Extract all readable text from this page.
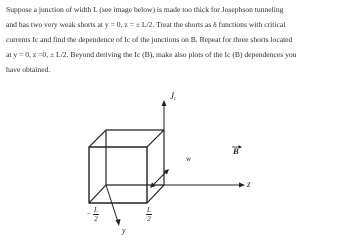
Suppose a junction of width L (see image below) is made too thick for Josephson tunneling
and has two very weak shorts at y = 0, z = ± L/2. Treat the shorts as δ functions with critical
currents Ic and find the dependence of Ic of the junctions on B. Repeat for three shorts located
at y = 0, z =0, ± L/2. Beyond deriving the Ic (B), make also plots of the Ic (B) dependences you
have obtained.
$J_c$
B
z
y
w
− L
2
L
2
